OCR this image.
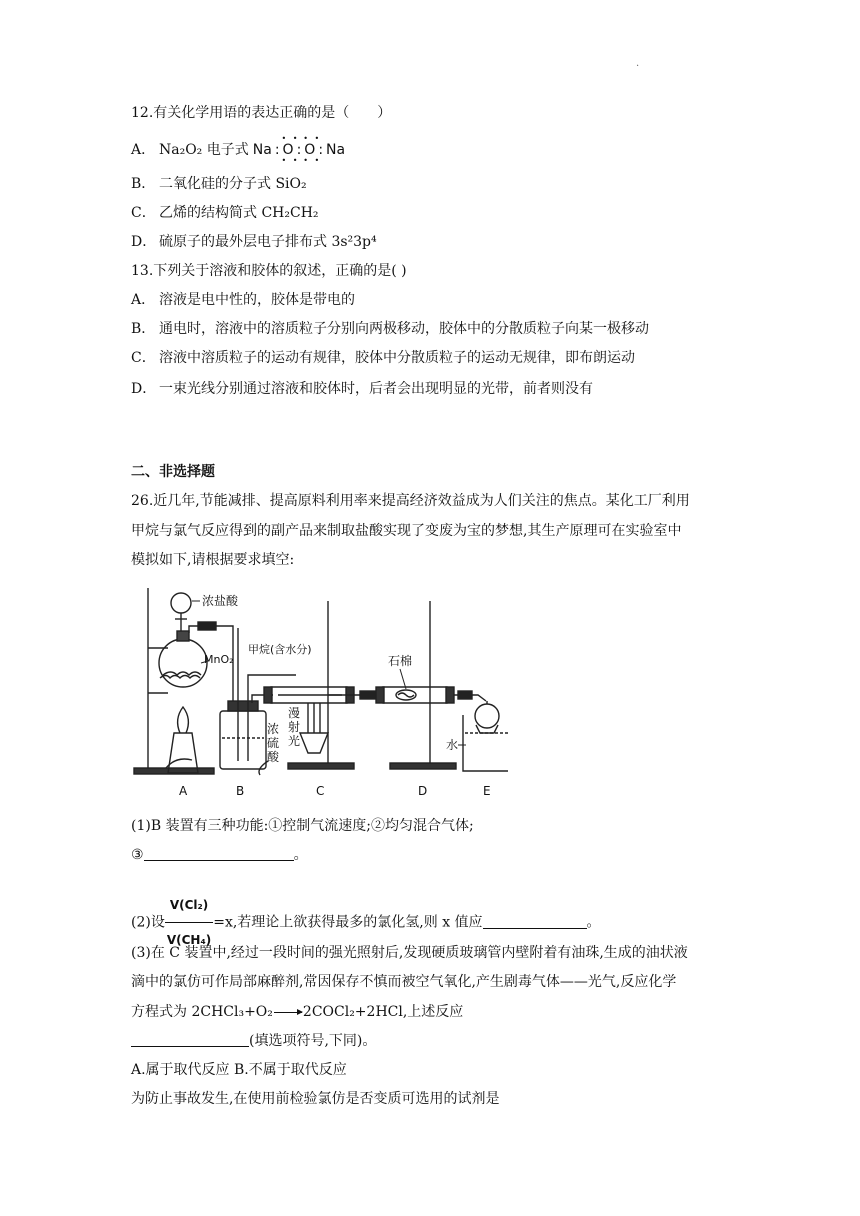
.
12.有关化学用语的表达正确的是（　　）
A． Na₂O₂ 电子式 Na :
• •
O
• •
:
• •
O
• •
: Na
B． 二氧化硅的分子式 SiO₂
C． 乙烯的结构简式 CH₂CH₂
D． 硫原子的最外层电子排布式 3s²3p⁴
13.下列关于溶液和胶体的叙述，正确的是( )
A． 溶液是电中性的，胶体是带电的
B． 通电时，溶液中的溶质粒子分别向两极移动，胶体中的分散质粒子向某一极移动
C． 溶液中溶质粒子的运动有规律，胶体中分散质粒子的运动无规律，即布朗运动
D． 一束光线分别通过溶液和胶体时，后者会出现明显的光带，前者则没有
二、非选择题
26.近几年,节能减排、提高原料利用率来提高经济效益成为人们关注的焦点。某化工厂利用
甲烷与氯气反应得到的副产品来制取盐酸实现了变废为宝的梦想,其生产原理可在实验室中
模拟如下,请根据要求填空:
浓盐酸
MnO₂
甲烷(含水分)
石棉
漫
射
光
浓
硫
酸
水
A	B	C	D	E
(1)B 装置有三种功能:①控制气流速度;②均匀混合气体;
③	。
(2)设 $\frac{\text{V(Cl₂)}}{\text{V(CH₄)}} =x$,若理论上欲获得最多的氯化氢,则 x 值应	。
(3)在 C 装置中,经过一段时间的强光照射后,发现硬质玻璃管内壁附着有油珠,生成的油状液
滴中的氯仿可作局部麻醉剂,常因保存不慎而被空气氧化,产生剧毒气体——光气,反应化学
方程式为 2CHCl₃+O₂→2COCl₂+2HCl,上述反应
(填选项符号,下同)。
A.属于取代反应 B.不属于取代反应
为防止事故发生,在使用前检验氯仿是否变质可选用的试剂是
